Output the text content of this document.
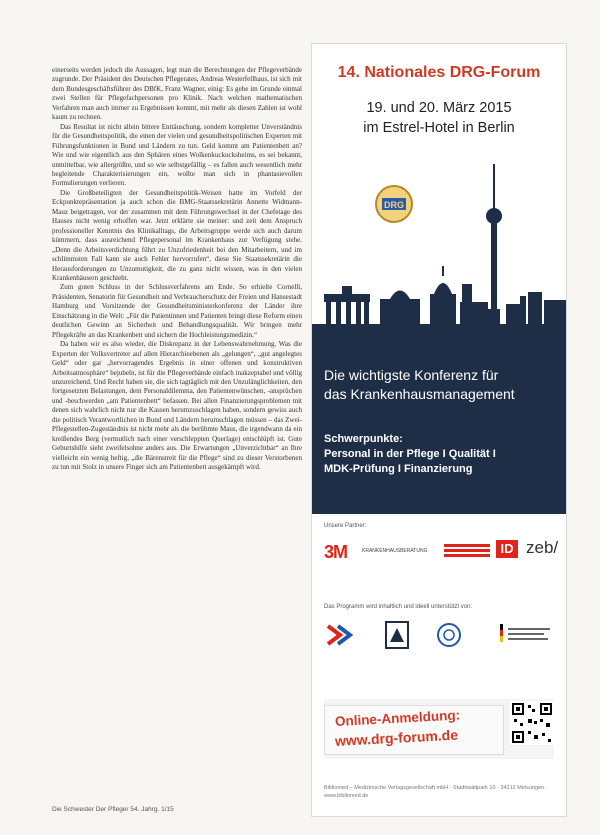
einerseits werden jedoch die Aussagen, legt man die Berechnungen der Pflegeverbände zugrunde. Der Präsident des Deutschen Pflegerates, Andreas Westerfellhaus, ist sich mit dem Bundesgeschäftsführer des DBfK, Franz Wagner, einig: Es gebe im Grunde einmal zwei Stellen für Pflegefachpersonen pro Klinik. Nach welchen mathematischen Verfahren man auch immer zu Ergebnissen kommt, mit mehr als diesen Zahlen ist wohl kaum zu rechnen.

Das Resultat ist nicht allein bittere Enttäuschung, sondern kompletter Unverständnis für die Gesundheitspolitik, die einen der vielen und gesundheitspolitischen Experten mit Führungsfunktionen in Bund und Ländern zu tun. Geld kommt am Patientenbett an? Wie und wie eigentlich aus den Sphären eines Wolkenkuckucksheims, es sei bekannt, unmittelbar, wie allergrößte, und so wie selbstgefällig – es fallen auch wesentlich mehr begleitende Charakterisierungen ein, wollte man sich in phantasievollen Formulierungen verlieren.

Die Großbeteiligten der Gesundheitspolitik-Weisen hatte im Vorfeld der Eckpunktepräsentation ja auch schon die BMG-Staatssekretärin Annette Widmann-Mauz beigetragen, vor der zusammen mit dem Führungswechsel in der Chefetage des Hauses nicht wenig erhoffen war. Jetzt erklärte sie meiner: und zeit dem Anspruch professioneller Kenntnis des Klinikalltags, die Arbeitsgruppe werde sich auch darum kümmern, dass ausreichend Pflegepersonal im Krankenhaus zur Verfügung stehe. „Denn die Arbeitsverdichtung führt zu Unzufriedenheit bei den Mitarbeitern, und im schlimmsten Fall kann sie auch Fehler hervorrufen“, diese Sie Staatssekretärin die Herausforderungen zu Unzumutigkeit, die zu ganz nicht wissen, was in den vielen Krankenhäusern geschieht.

Zum guten Schluss in der Schlussverfahrens am Ende. So erhielte Cornelli, Präsidenten, Senatorin für Gesundheit und Verbraucherschutz der Freien und Hansestadt Hamburg und Vorsitzende der Gesundheitsministerkonferenz der Länder ihre Einschätzung in die Welt: „Für die Patientinnen und Patienten bringt diese Reform einen deutlichen Gewinn an Sicherheit und Behandlungsqualität. Wir bringen mehr Pflegekräfte an das Krankenbett und sichern die Hochleistungsmedizin.“

Da haben wir es also wieder, die Diskrepanz in der Lebenswahrnehmung. Was die Experten der Volksvertreter auf allen Hierarchieebenen als „gelungen“, „gut angelegtes Geld“ oder gar „hervorragendes Ergebnis in einer offenen und konstruktiven Arbeitsatmosphäre“ bejubeln, ist für die Pflegeverbände einfach inakzeptabel und völlig unzureichend. Und Recht haben sie, die sich tagtäglich mit den Unzulänglichkeiten, den fortgesetzten Belastungen, dem Personaldilemma, den Patientenwünschen, -ansprüchen und -beschwerden „am Patientenbett“ befassen. Bei allen Finanzierungsproblemen mit denen sich wahrlich nicht nur die Kassen herumzuschlagen haben, sondern gewiss auch die politisch Verantwortlichen in Bund und Ländern herumschlagen müssen – das Zwei-Pflegestellen-Zugeständnis ist nicht mehr als die berühmte Maus, die irgendwann da ein kreißendes Berg (vermutlich nach einer verschleppten Querlage) entschlüpft ist. Gute Geburtshilfe sieht zweifelsohne anders aus. Die Erwartungen „Unverzichtbar“ an Ihre vielleicht ein wenig heftig, „die Bärenstreit für die Pflege“ sind zu dieser Verstorbenen zu tun mit Stolz in unsere Finger sich am Patientenbett ausgekämpft wird.

Die Schwester Der Pfleger 54. Jahrg. 1/15
14. Nationales DRG-Forum
19. und 20. März 2015
im Estrel-Hotel in Berlin
DRG
Die wichtigste Konferenz für
das Krankenhausmanagement
Schwerpunkte:
Personal in der Pflege I Qualität I
MDK-Prüfung I Finanzierung
Unsere Partner:
3M	KRANKENHAUSBERATUNG	ID zeb/
Das Programm wird inhaltlich und ideell unterstützt von:
Online-Anmeldung:
www.drg-forum.de
Bibliomed – Medizinische Verlagsgesellschaft mbH · Stadtwaldpark 10 · 34212 Melsungen · www.bibliomed.de
